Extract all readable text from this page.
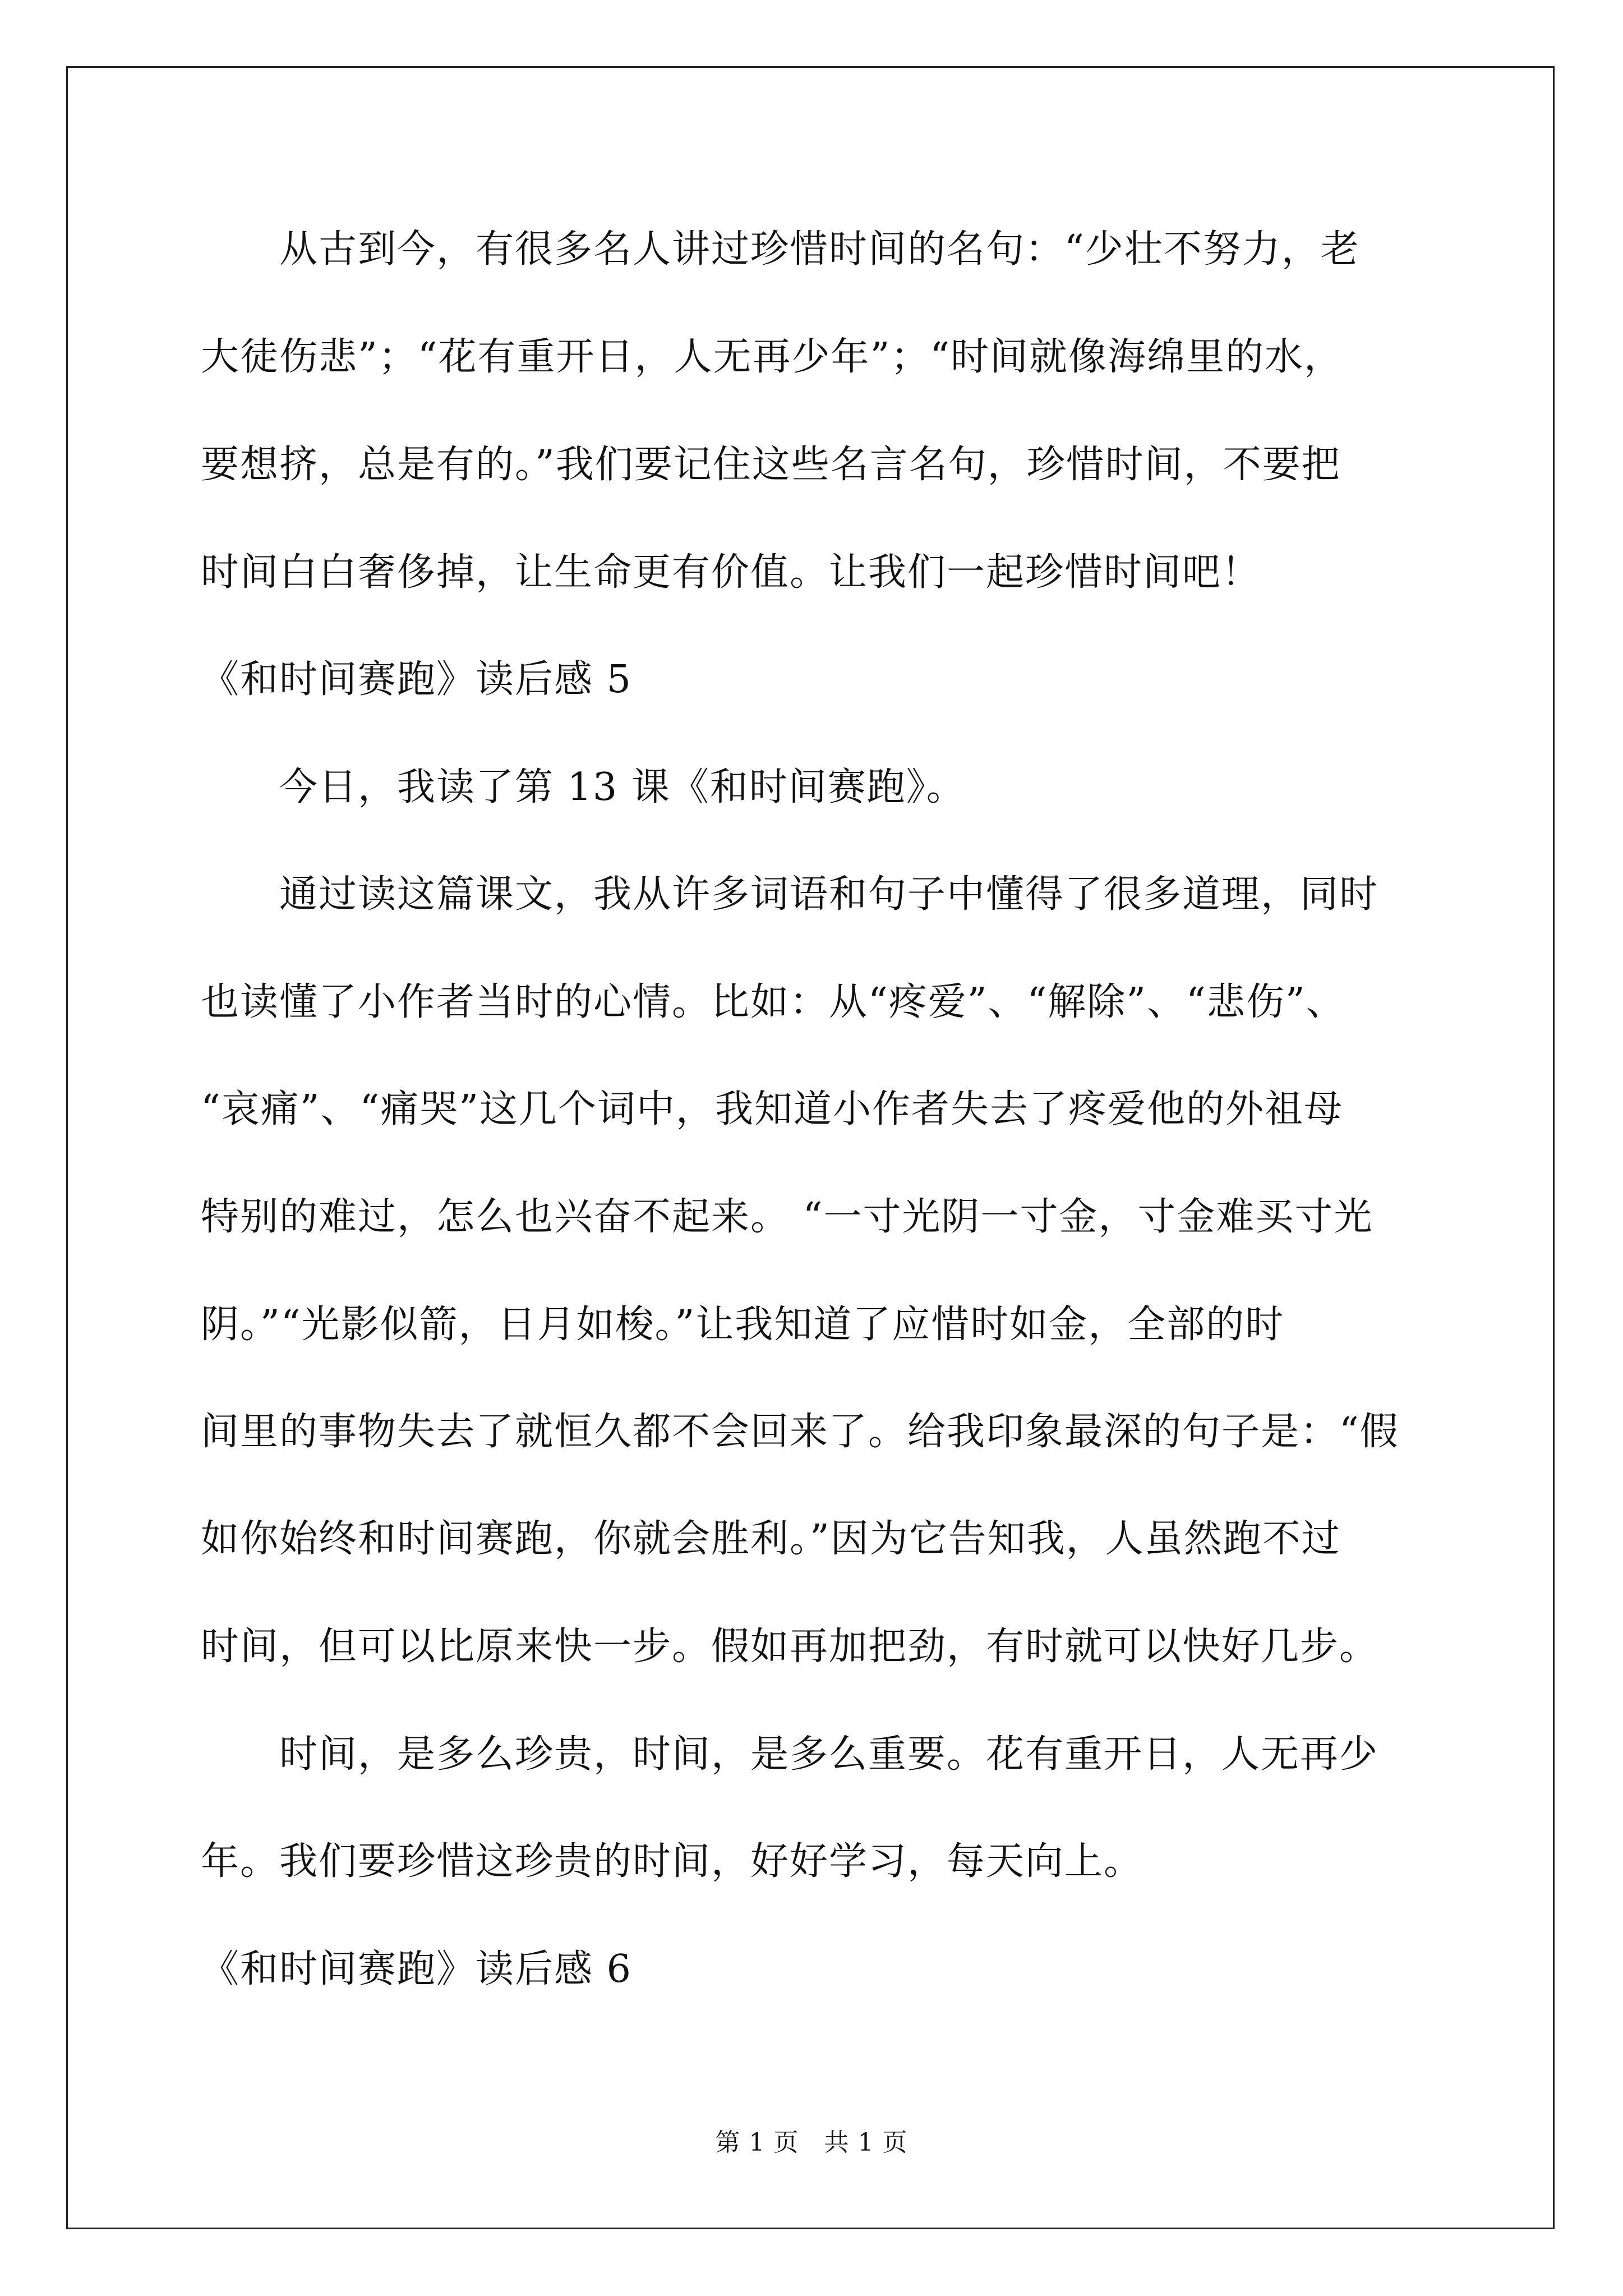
　　从古到今，有很多名人讲过珍惜时间的名句：“少壮不努力，老
大徒伤悲”；“花有重开日，人无再少年”；“时间就像海绵里的水，
要想挤，总是有的。”我们要记住这些名言名句，珍惜时间，不要把
时间白白奢侈掉，让生命更有价值。让我们一起珍惜时间吧！
《和时间赛跑》读后感 5
　　今日，我读了第 13 课《和时间赛跑》。
　　通过读这篇课文，我从许多词语和句子中懂得了很多道理，同时
也读懂了小作者当时的心情。比如：从“疼爱”、“解除”、“悲伤”、
“哀痛”、“痛哭”这几个词中，我知道小作者失去了疼爱他的外祖母
特别的难过，怎么也兴奋不起来。 “一寸光阴一寸金，寸金难买寸光
阴。”“光影似箭，日月如梭。”让我知道了应惜时如金，全部的时
间里的事物失去了就恒久都不会回来了。给我印象最深的句子是：“假
如你始终和时间赛跑，你就会胜利。”因为它告知我，人虽然跑不过
时间，但可以比原来快一步。假如再加把劲，有时就可以快好几步。
　　时间，是多么珍贵，时间，是多么重要。花有重开日，人无再少
年。我们要珍惜这珍贵的时间，好好学习，每天向上。
《和时间赛跑》读后感 6
第 1 页　共 1 页
